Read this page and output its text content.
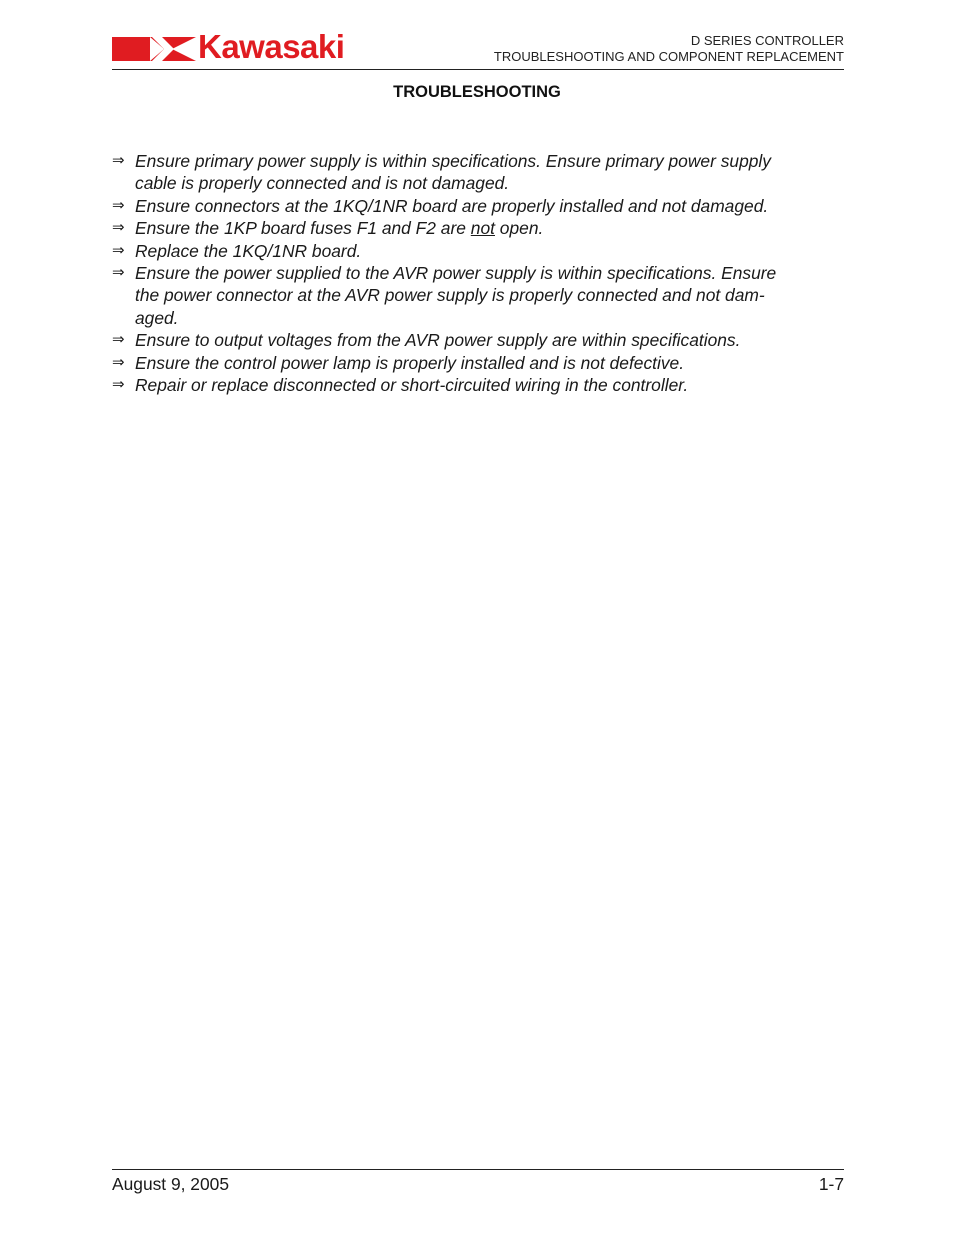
Kawasaki	D SERIES CONTROLLER
TROUBLESHOOTING AND COMPONENT REPLACEMENT
TROUBLESHOOTING
⇒ Ensure primary power supply is within specifications. Ensure primary power supply
cable is properly connected and is not damaged.
⇒ Ensure connectors at the 1KQ/1NR board are properly installed and not damaged.
⇒ Ensure the 1KP board fuses F1 and F2 are not open.
⇒ Replace the 1KQ/1NR board.
⇒ Ensure the power supplied to the AVR power supply is within specifications. Ensure
the power connector at the AVR power supply is properly connected and not dam-
aged.
⇒ Ensure to output voltages from the AVR power supply are within specifications.
⇒ Ensure the control power lamp is properly installed and is not defective.
⇒ Repair or replace disconnected or short-circuited wiring in the controller.
August 9, 2005	1-7
